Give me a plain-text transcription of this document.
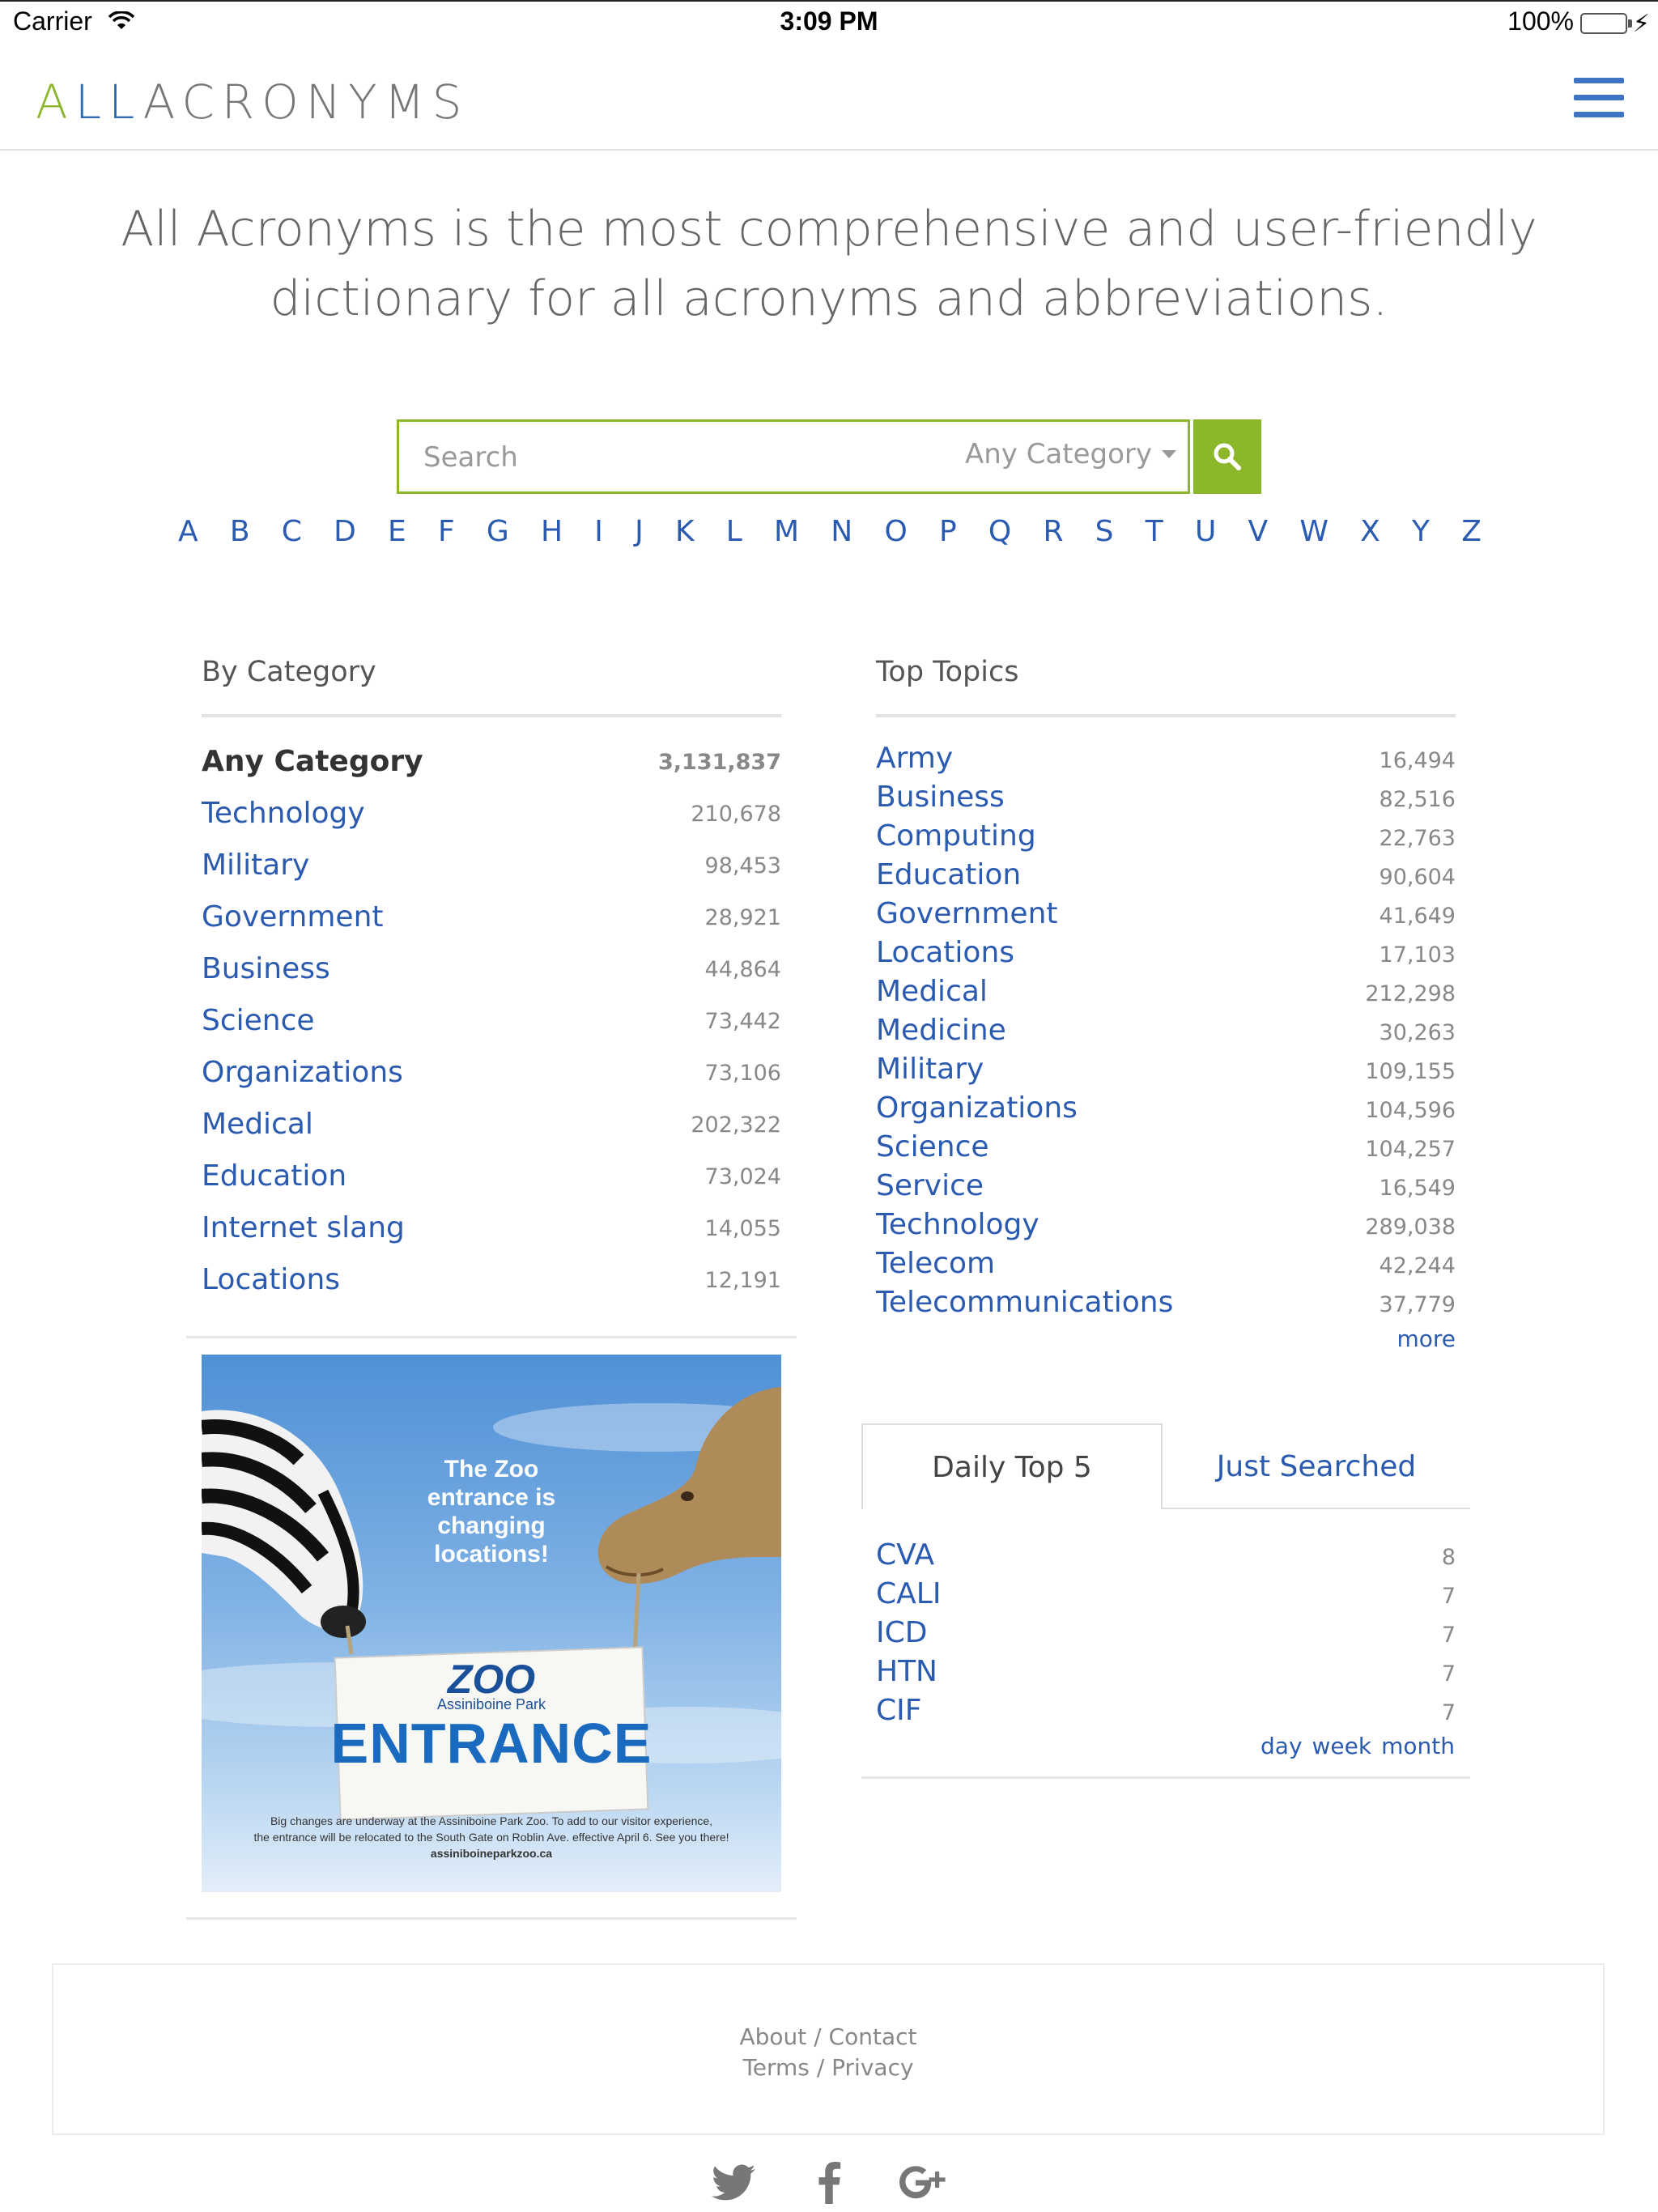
Carrier	3:09 PM	100% ⚡
ALLACRONYMS
All Acronyms is the most comprehensive and user-friendly dictionary for all acronyms and abbreviations.
Search
Any Category
A B C D E F G H I J K L M N O P Q R S T U V W X Y Z
By Category
Any Category	3,131,837
Technology	210,678
Military	98,453
Government	28,921
Business	44,864
Science	73,442
Organizations	73,106
Medical	202,322
Education	73,024
Internet slang	14,055
Locations	12,191
Top Topics
Army	16,494
Business	82,516
Computing	22,763
Education	90,604
Government	41,649
Locations	17,103
Medical	212,298
Medicine	30,263
Military	109,155
Organizations	104,596
Science	104,257
Service	16,549
Technology	289,038
Telecom	42,244
Telecommunications	37,779
more
The Zoo
entrance is
changing
locations!
ZOO
Assiniboine Park
ENTRANCE
Big changes are underway at the Assiniboine Park Zoo. To add to our visitor experience,
the entrance will be relocated to the South Gate on Roblin Ave. effective April 6. See you there!
assiniboineparkzoo.ca
Daily Top 5	Just Searched
CVA	8
CALI	7
ICD	7
HTN	7
CIF	7
day week month
About / Contact
Terms / Privacy
